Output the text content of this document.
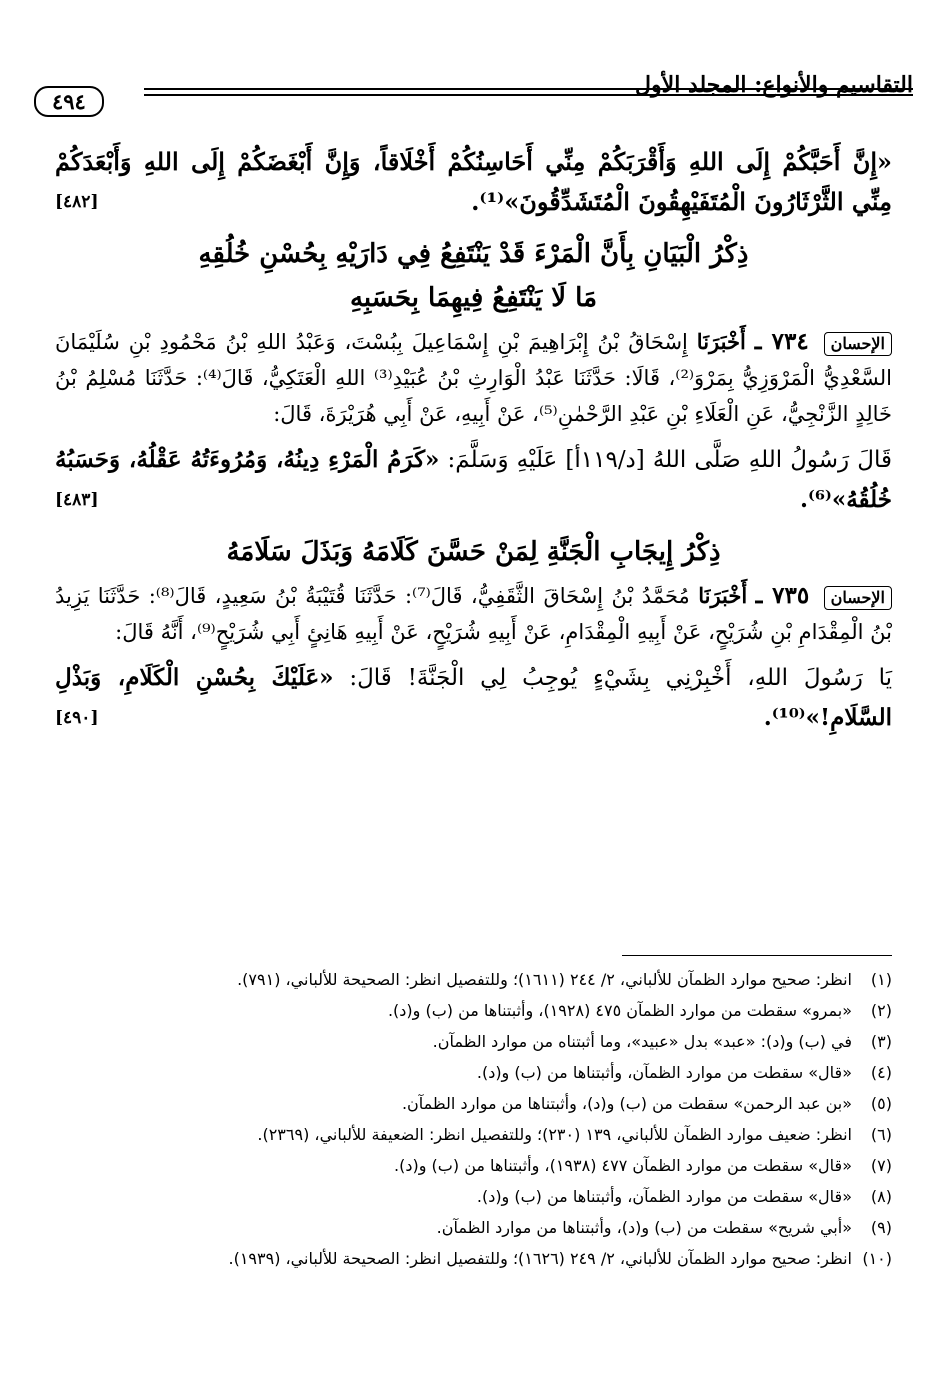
التقاسيم والأنواع: المجلد الأول
٤٩٤

«إِنَّ أَحَبَّكُمْ إِلَى اللهِ وَأَقْرَبَكُمْ مِنِّي أَحَاسِنُكُمْ أَخْلَاقاً، وَإِنَّ أَبْغَضَكُمْ إِلَى اللهِ وَأَبْعَدَكُمْ مِنِّي الثَّرْثَارُونَ الْمُتَفَيْهِقُونَ الْمُتَشَدِّقُونَ»⁽¹⁾.
[٤٨٢]

ذِكْرُ الْبَيَانِ بِأَنَّ الْمَرْءَ قَدْ يَنْتَفِعُ فِي دَارَيْهِ بِحُسْنِ خُلُقِهِ
مَا لَا يَنْتَفِعُ فِيهِمَا بِحَسَبِهِ

الإحسان ٧٣٤ ـ أَخْبَرَنَا إِسْحَاقُ بْنُ إِبْرَاهِيمَ بْنِ إِسْمَاعِيلَ بِبُسْتَ، وَعَبْدُ اللهِ بْنُ مَحْمُودِ بْنِ سُلَيْمَانَ السَّعْدِيُّ الْمَرْوَزِيُّ بِمَرْوَ⁽²⁾، قَالَا: حَدَّثَنَا عَبْدُ الْوَارِثِ بْنُ عُبَيْدِ⁽³⁾ اللهِ الْعَتَكِيُّ، قَالَ⁽⁴⁾: حَدَّثَنَا مُسْلِمُ بْنُ خَالِدٍ الزَّنْجِيُّ، عَنِ الْعَلَاءِ بْنِ عَبْدِ الرَّحْمٰنِ⁽⁵⁾، عَنْ أَبِيهِ، عَنْ أَبِي هُرَيْرَةَ، قَالَ:

قَالَ رَسُولُ اللهِ صَلَّى اللهُ [د/١١٩أ] عَلَيْهِ وَسَلَّمَ: «كَرَمُ الْمَرْءِ دِينُهُ، وَمُرُوءَتُهُ عَقْلُهُ، وَحَسَبُهُ خُلُقُهُ»⁽⁶⁾.
[٤٨٣]

ذِكْرُ إِيجَابِ الْجَنَّةِ لِمَنْ حَسَّنَ كَلَامَهُ وَبَذَلَ سَلَامَهُ

الإحسان ٧٣٥ ـ أَخْبَرَنَا مُحَمَّدُ بْنُ إِسْحَاقَ الثَّقَفِيُّ، قَالَ⁽⁷⁾: حَدَّثَنَا قُتَيْبَةُ بْنُ سَعِيدٍ، قَالَ⁽⁸⁾: حَدَّثَنَا يَزِيدُ بْنُ الْمِقْدَامِ بْنِ شُرَيْحٍ، عَنْ أَبِيهِ الْمِقْدَامِ، عَنْ أَبِيهِ شُرَيْحٍ، عَنْ أَبِيهِ هَانِئٍ أَبِي شُرَيْحٍ⁽⁹⁾، أَنَّهُ قَالَ:

يَا رَسُولَ اللهِ، أَخْبِرْنِي بِشَيْءٍ يُوجِبُ لِي الْجَنَّةَ! قَالَ: «عَلَيْكَ بِحُسْنِ الْكَلَامِ، وَبَذْلِ السَّلَامِ!»⁽¹⁰⁾.
[٤٩٠]

(١)انظر: صحيح موارد الظمآن للألباني، ٢/ ٢٤٤ (١٦١١)؛ وللتفصيل انظر: الصحيحة للألباني، (٧٩١).

(٢)«بمرو» سقطت من موارد الظمآن ٤٧٥ (١٩٢٨)، وأثبتناها من (ب) و(د).

(٣)في (ب) و(د): «عبد» بدل «عبيد»، وما أثبتناه من موارد الظمآن.

(٤)«قال» سقطت من موارد الظمآن، وأثبتناها من (ب) و(د).

(٥)«بن عبد الرحمن» سقطت من (ب) و(د)، وأثبتناها من موارد الظمآن.

(٦)انظر: ضعيف موارد الظمآن للألباني، ١٣٩ (٢٣٠)؛ وللتفصيل انظر: الضعيفة للألباني، (٢٣٦٩).

(٧)«قال» سقطت من موارد الظمآن ٤٧٧ (١٩٣٨)، وأثبتناها من (ب) و(د).

(٨)«قال» سقطت من موارد الظمآن، وأثبتناها من (ب) و(د).

(٩)«أبي شريح» سقطت من (ب) و(د)، وأثبتناها من موارد الظمآن.

(١٠)انظر: صحيح موارد الظمآن للألباني، ٢/ ٢٤٩ (١٦٢٦)؛ وللتفصيل انظر: الصحيحة للألباني، (١٩٣٩).
